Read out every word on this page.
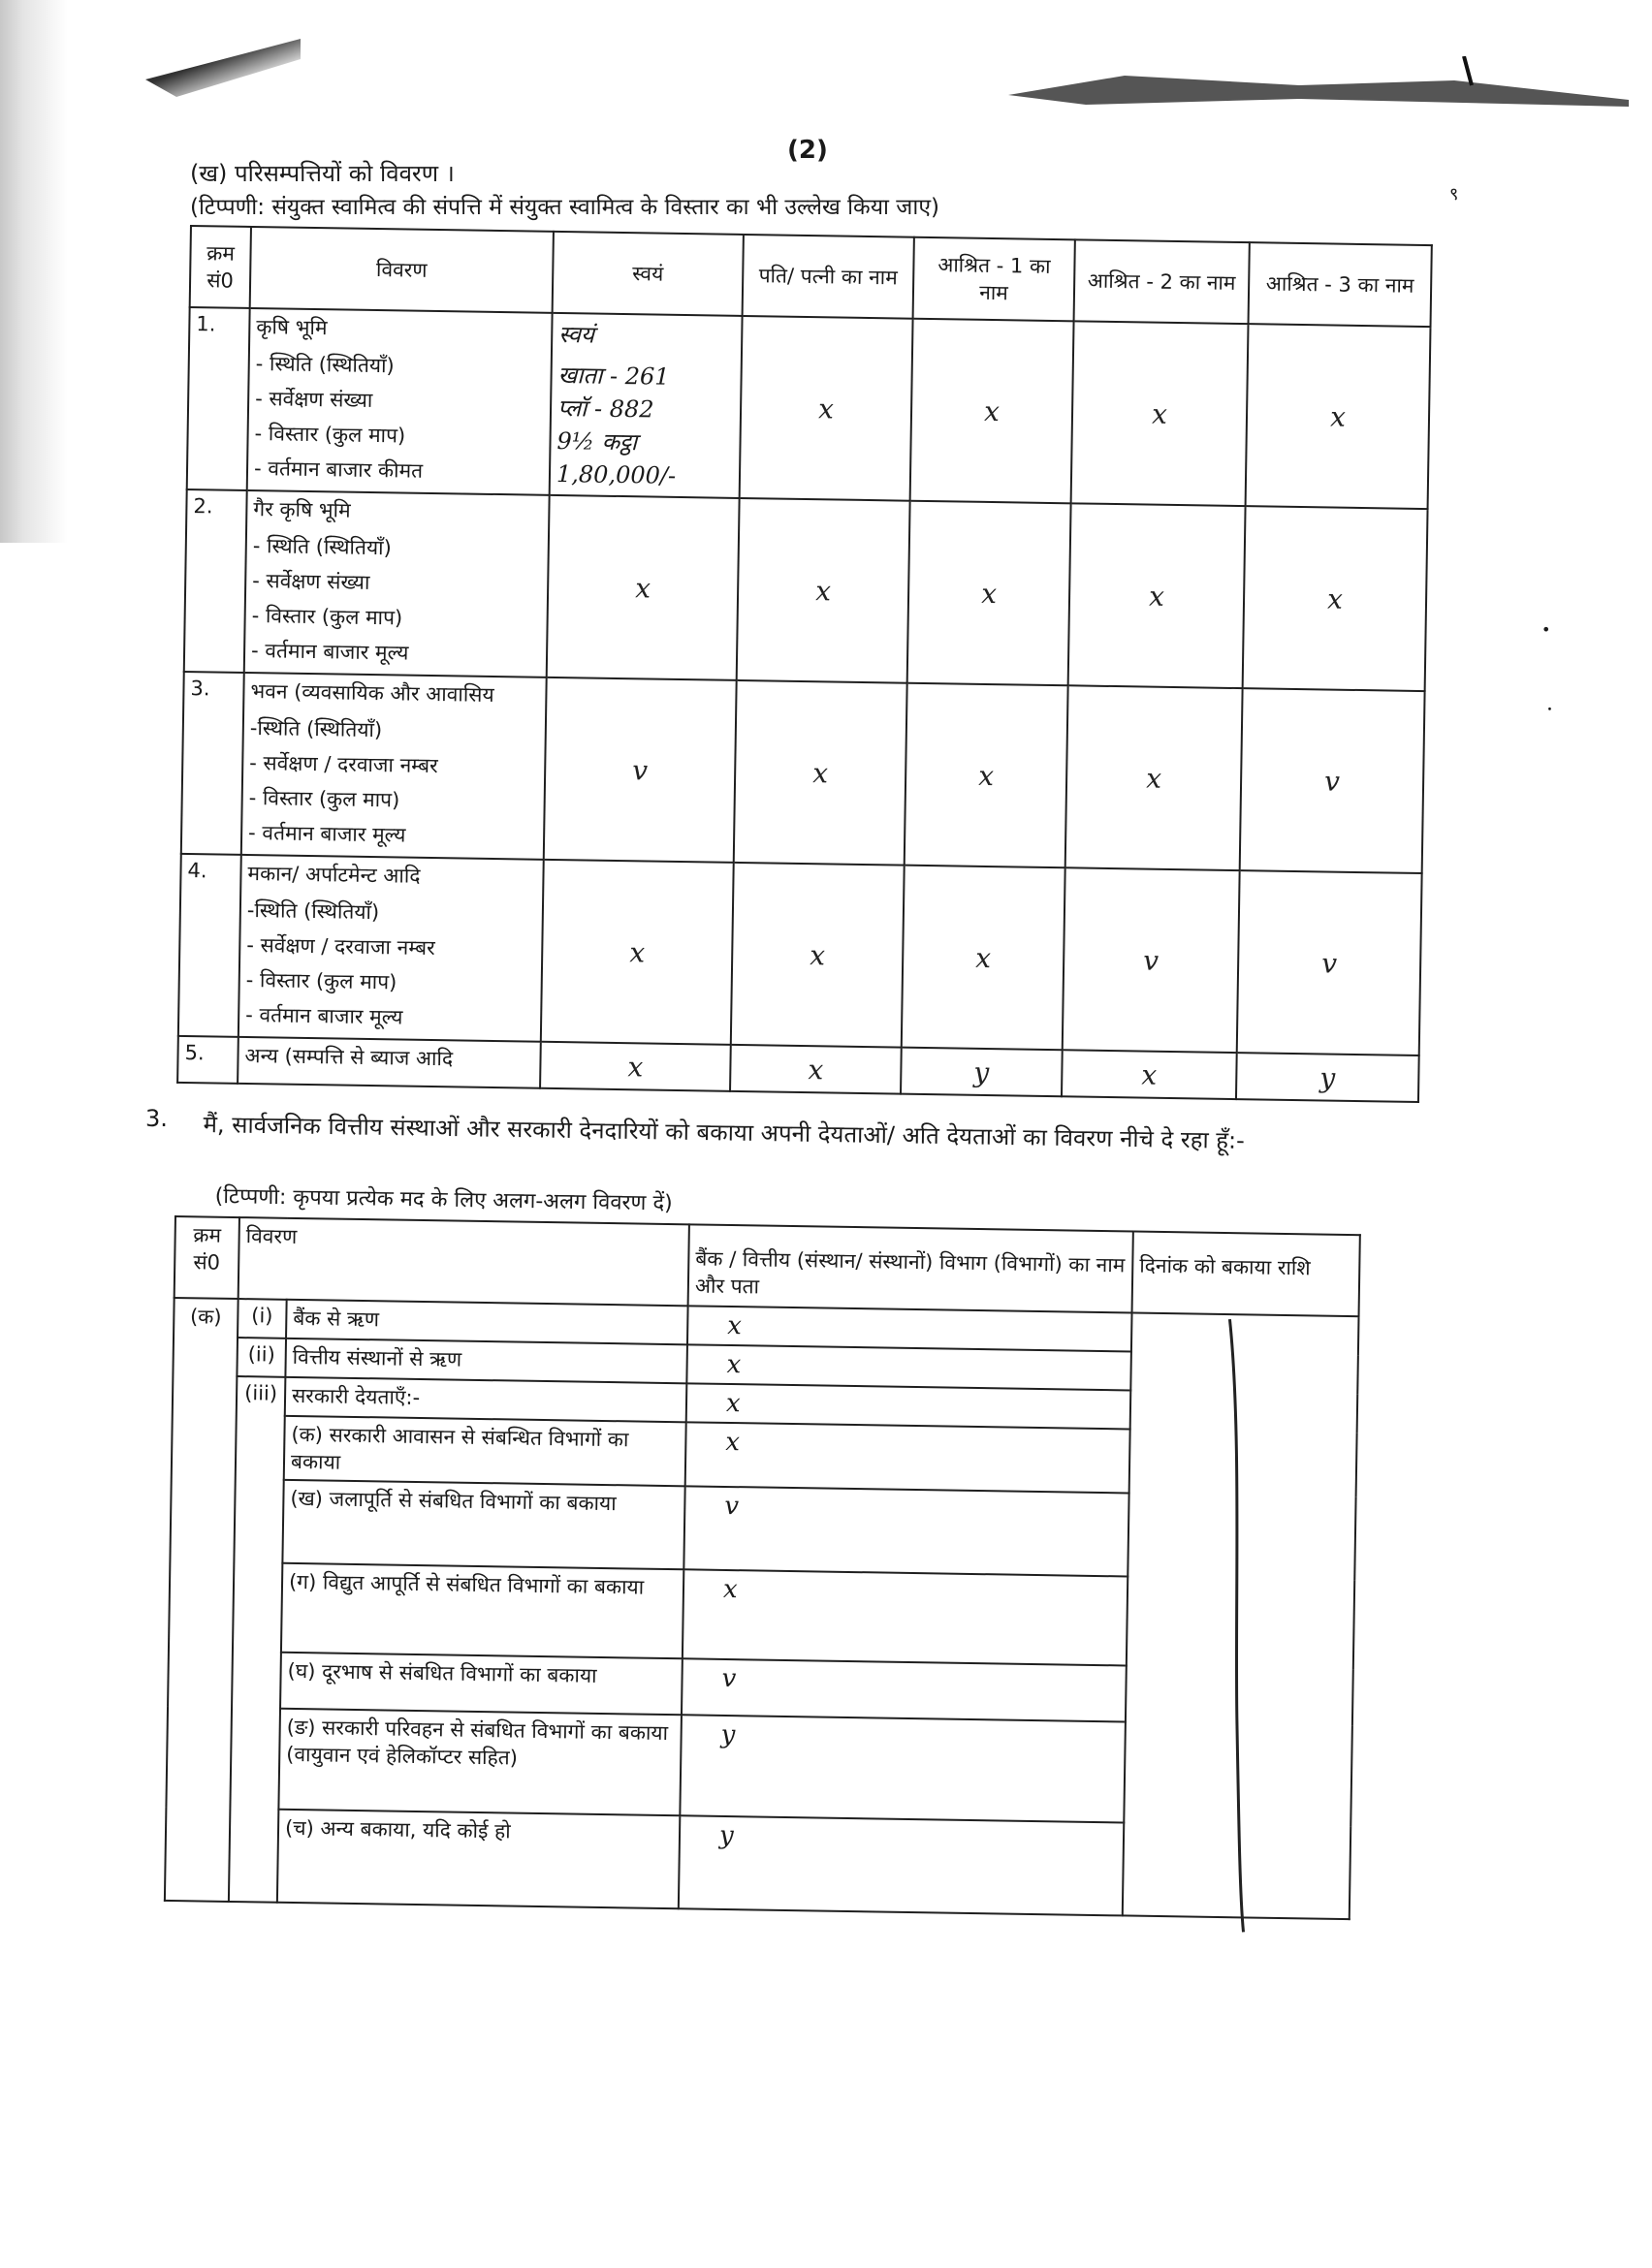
(2)
(ख) परिसम्पत्तियों को विवरण ।
(टिप्पणी: संयुक्त स्वामित्व की संपत्ति में संयुक्त स्वामित्व के विस्तार का भी उल्लेख किया जाए)
९
क्रम सं0	विवरण	स्वयं	पति/ पत्नी का नाम	आश्रित - 1 का नाम	आश्रित - 2 का नाम	आश्रित - 3 का नाम
1.	कृषि भूमि
- स्थिति (स्थितियाँ)
- सर्वेक्षण संख्या
- विस्तार (कुल माप)
- वर्तमान बाजार कीमत	स्वयं
खाता - 261
प्लॉ - 882
9½ कट्ठा
1,80,000/-	x	x	x	x
2.	गैर कृषि भूमि
- स्थिति (स्थितियाँ)
- सर्वेक्षण संख्या
- विस्तार (कुल माप)
- वर्तमान बाजार मूल्य	x	x	x	x	x
3.	भवन (व्यवसायिक और आवासिय
-स्थिति (स्थितियाँ)
- सर्वेक्षण / दरवाजा नम्बर
- विस्तार (कुल माप)
- वर्तमान बाजार मूल्य	v	x	x	x	v
4.	मकान/ अर्पाटमेन्ट आदि
-स्थिति (स्थितियाँ)
- सर्वेक्षण / दरवाजा नम्बर
- विस्तार (कुल माप)
- वर्तमान बाजार मूल्य	x	x	x	v	v
5.	अन्य (सम्पत्ति से ब्याज आदि	x	x	y	x	y
3. मैं, सार्वजनिक वित्तीय संस्थाओं और सरकारी देनदारियों को बकाया अपनी देयताओं/ अति देयताओं का विवरण नीचे दे रहा हूँ:-
(टिप्पणी: कृपया प्रत्येक मद के लिए अलग-अलग विवरण दें)
क्रम सं0	विवरण		बैंक / वित्तीय (संस्थान/ संस्थानों) विभाग (विभागों) का नाम और पता	दिनांक को बकाया राशि
(क)	(i)	बैंक से ऋण	x	

	(ii)	वित्तीय संस्थानों से ऋण	x	
	(iii)	सरकारी देयताएँ:-	x	
		(क) सरकारी आवासन से संबन्धित विभागों का बकाया	x	
		(ख) जलापूर्ति से संबधित विभागों का बकाया	v	
		(ग) विद्युत आपूर्ति से संबधित विभागों का बकाया	x	
		(घ) दूरभाष से संबधित विभागों का बकाया	v	
		(ङ) सरकारी परिवहन से संबधित विभागों का बकाया (वायुवान एवं हेलिकॉप्टर सहित)	y	
		(च) अन्य बकाया, यदि कोई हो	y	
•
ꞏ
